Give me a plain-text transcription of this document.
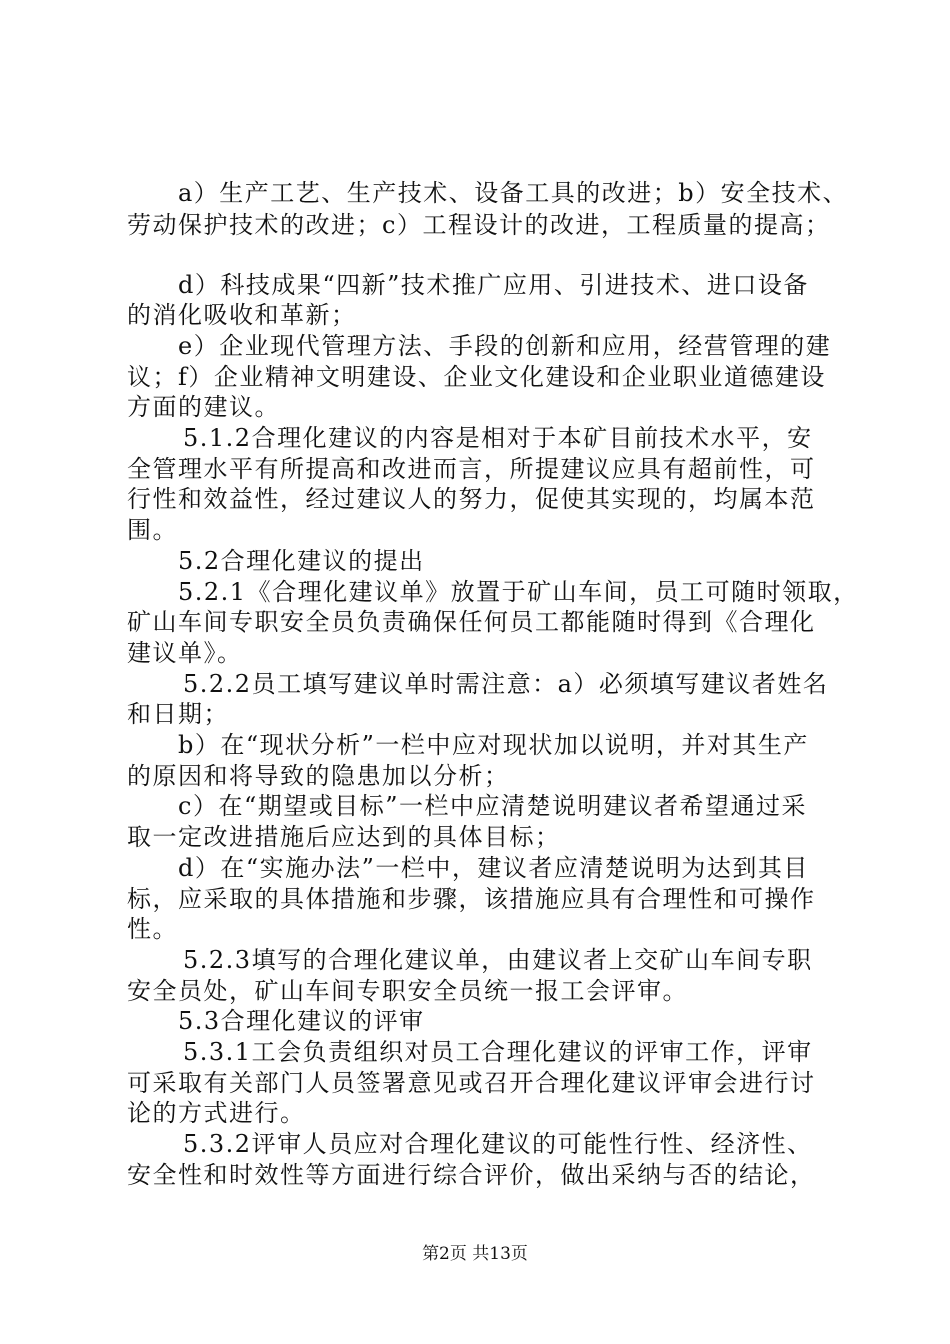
a）生产工艺、生产技术、设备工具的改进；b）安全技术、
劳动保护技术的改进；c）工程设计的改进，工程质量的提高；
d）科技成果“四新”技术推广应用、引进技术、进口设备
的消化吸收和革新；
e）企业现代管理方法、手段的创新和应用，经营管理的建
议；f）企业精神文明建设、企业文化建设和企业职业道德建设
方面的建议。
5.1.2合理化建议的内容是相对于本矿目前技术水平，安
全管理水平有所提高和改进而言，所提建议应具有超前性，可
行性和效益性，经过建议人的努力，促使其实现的，均属本范
围。
5.2合理化建议的提出
5.2.1《合理化建议单》放置于矿山车间，员工可随时领取，
矿山车间专职安全员负责确保任何员工都能随时得到《合理化
建议单》。
5.2.2员工填写建议单时需注意：a）必须填写建议者姓名
和日期；
b）在“现状分析”一栏中应对现状加以说明，并对其生产
的原因和将导致的隐患加以分析；
c）在“期望或目标”一栏中应清楚说明建议者希望通过采
取一定改进措施后应达到的具体目标；
d）在“实施办法”一栏中，建议者应清楚说明为达到其目
标，应采取的具体措施和步骤，该措施应具有合理性和可操作
性。
5.2.3填写的合理化建议单，由建议者上交矿山车间专职
安全员处，矿山车间专职安全员统一报工会评审。
5.3合理化建议的评审
5.3.1工会负责组织对员工合理化建议的评审工作，评审
可采取有关部门人员签署意见或召开合理化建议评审会进行讨
论的方式进行。
5.3.2评审人员应对合理化建议的可能性行性、经济性、
安全性和时效性等方面进行综合评价，做出采纳与否的结论，
第2页 共13页
